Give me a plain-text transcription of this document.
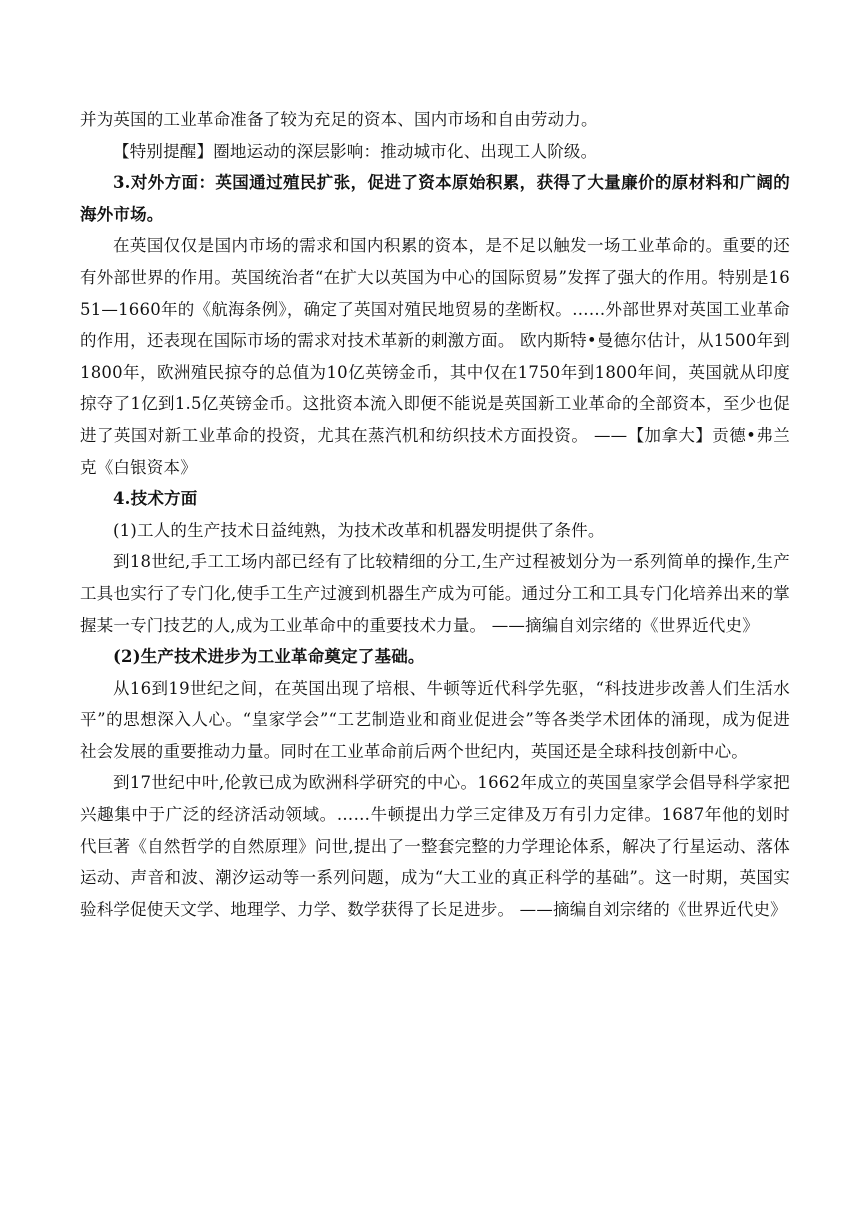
并为英国的工业革命准备了较为充足的资本、国内市场和自由劳动力。

【特别提醒】圈地运动的深层影响：推动城市化、出现工人阶级。

3.对外方面：英国通过殖民扩张，促进了资本原始积累，获得了大量廉价的原材料和广阔的海外市场。

在英国仅仅是国内市场的需求和国内积累的资本，是不足以触发一场工业革命的。重要的还有外部世界的作用。英国统治者“在扩大以英国为中心的国际贸易”发挥了强大的作用。特别是1651—1660年的《航海条例》，确定了英国对殖民地贸易的垄断权。……外部世界对英国工业革命的作用，还表现在国际市场的需求对技术革新的刺激方面。 欧内斯特•曼德尔估计，从1500年到1800年，欧洲殖民掠夺的总值为10亿英镑金币，其中仅在1750年到1800年间，英国就从印度掠夺了1亿到1.5亿英镑金币。这批资本流入即便不能说是英国新工业革命的全部资本，至少也促进了英国对新工业革命的投资，尤其在蒸汽机和纺织技术方面投资。 ——【加拿大】贡德•弗兰克《白银资本》

4.技术方面

(1)工人的生产技术日益纯熟，为技术改革和机器发明提供了条件。

到18世纪,手工工场内部已经有了比较精细的分工,生产过程被划分为一系列简单的操作,生产工具也实行了专门化,使手工生产过渡到机器生产成为可能。通过分工和工具专门化培养出来的掌握某一专门技艺的人,成为工业革命中的重要技术力量。 ——摘编自刘宗绪的《世界近代史》

(2)生产技术进步为工业革命奠定了基础。

从16到19世纪之间，在英国出现了培根、牛顿等近代科学先驱，“科技进步改善人们生活水平”的思想深入人心。“皇家学会”“工艺制造业和商业促进会”等各类学术团体的涌现，成为促进社会发展的重要推动力量。同时在工业革命前后两个世纪内，英国还是全球科技创新中心。

到17世纪中叶,伦敦已成为欧洲科学研究的中心。1662年成立的英国皇家学会倡导科学家把兴趣集中于广泛的经济活动领域。……牛顿提出力学三定律及万有引力定律。1687年他的划时代巨著《自然哲学的自然原理》问世,提出了一整套完整的力学理论体系，解决了行星运动、落体运动、声音和波、潮汐运动等一系列问题，成为“大工业的真正科学的基础”。这一时期，英国实验科学促使天文学、地理学、力学、数学获得了长足进步。 ——摘编自刘宗绪的《世界近代史》
